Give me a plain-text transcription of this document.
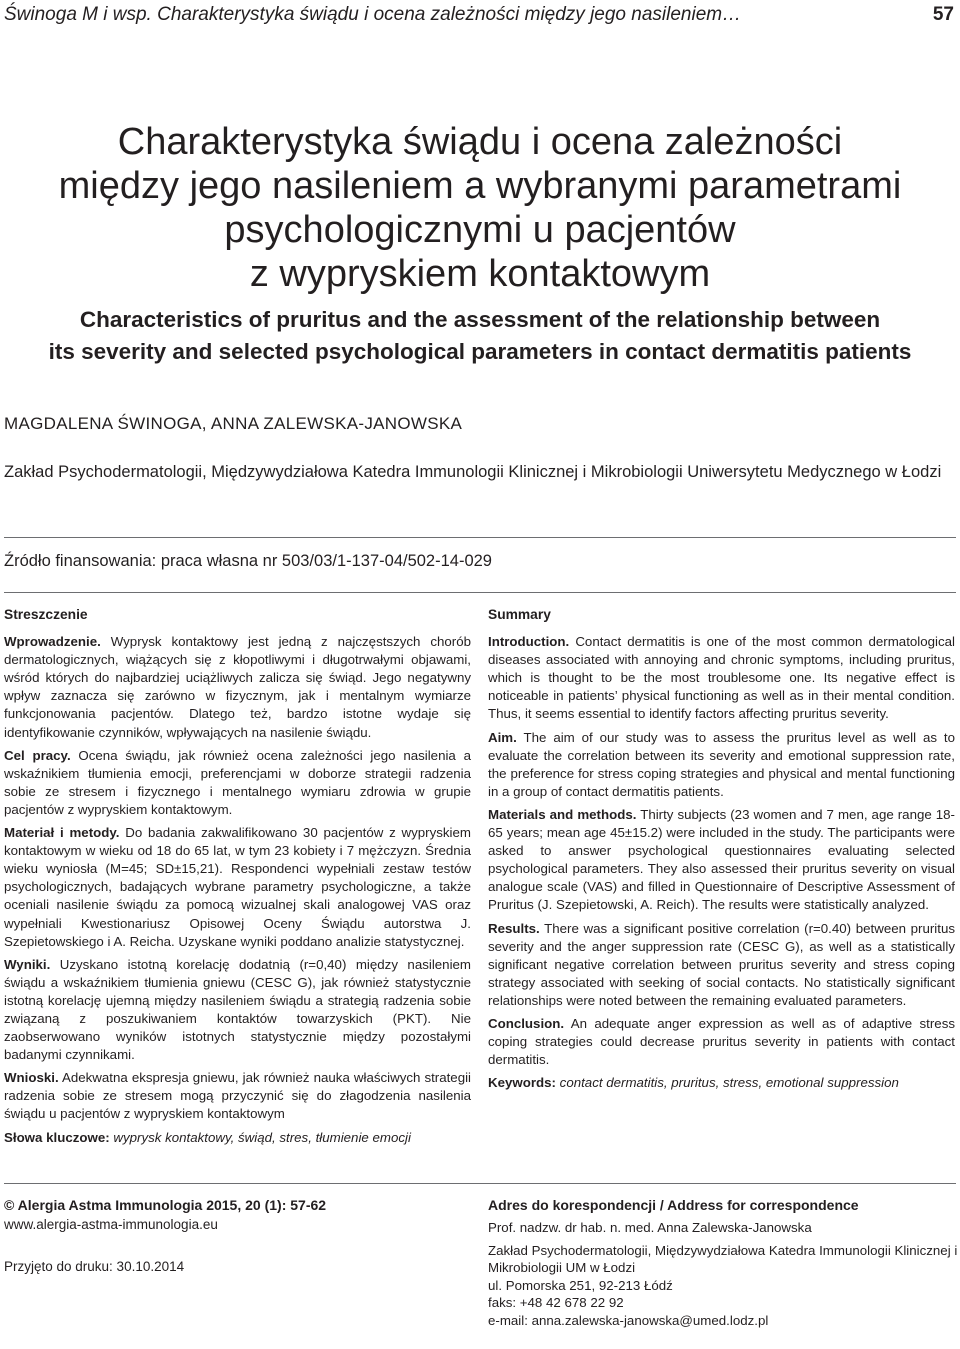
Świnoga M i wsp. Charakterystyka świądu i ocena zależności między jego nasileniem…	57
Charakterystyka świądu i ocena zależności
między jego nasileniem a wybranymi parametrami
psychologicznymi u pacjentów
z wypryskiem kontaktowym
Characteristics of pruritus and the assessment of the relationship between
its severity and selected psychological parameters in contact dermatitis patients
MAGDALENA ŚWINOGA, ANNA ZALEWSKA-JANOWSKA
Zakład Psychodermatologii, Międzywydziałowa Katedra Immunologii Klinicznej i Mikrobiologii Uniwersytetu Medycznego w Łodzi
Źródło finansowania: praca własna nr 503/03/1-137-04/502-14-029
Streszczenie

Wprowadzenie. Wyprysk kontaktowy jest jedną z najczęstszych chorób dermatologicznych, wiążących się z kłopotliwymi i długotrwałymi objawami, wśród których do najbardziej uciążliwych zalicza się świąd. Jego negatywny wpływ zaznacza się zarówno w fizycznym, jak i mentalnym wymiarze funkcjonowania pacjentów. Dlatego też, bardzo istotne wydaje się identyfikowanie czynników, wpływających na nasilenie świądu.

Cel pracy. Ocena świądu, jak również ocena zależności jego nasilenia a wskaźnikiem tłumienia emocji, preferencjami w doborze strategii radzenia sobie ze stresem i fizycznego i mentalnego wymiaru zdrowia w grupie pacjentów z wypryskiem kontaktowym.

Materiał i metody. Do badania zakwalifikowano 30 pacjentów z wypryskiem kontaktowym w wieku od 18 do 65 lat, w tym 23 kobiety i 7 mężczyzn. Średnia wieku wyniosła (M=45; SD±15,21). Respondenci wypełniali zestaw testów psychologicznych, badających wybrane parametry psychologiczne, a także oceniali nasilenie świądu za pomocą wizualnej skali analogowej VAS oraz wypełniali Kwestionariusz Opisowej Oceny Świądu autorstwa J. Szepietowskiego i A. Reicha. Uzyskane wyniki poddano analizie statystycznej.

Wyniki. Uzyskano istotną korelację dodatnią (r=0,40) między nasileniem świądu a wskaźnikiem tłumienia gniewu (CESC G), jak również statystycznie istotną korelację ujemną między nasileniem świądu a strategią radzenia sobie związaną z poszukiwaniem kontaktów towarzyskich (PKT). Nie zaobserwowano wyników istotnych statystycznie między pozostałymi badanymi czynnikami.

Wnioski. Adekwatna ekspresja gniewu, jak również nauka właściwych strategii radzenia sobie ze stresem mogą przyczynić się do złagodzenia nasilenia świądu u pacjentów z wypryskiem kontaktowym

Słowa kluczowe: wyprysk kontaktowy, świąd, stres, tłumienie emocji

Summary

Introduction. Contact dermatitis is one of the most common dermatological diseases associated with annoying and chronic symptoms, including pruritus, which is thought to be the most troublesome one. Its negative effect is noticeable in patients’ physical functioning as well as in their mental condition. Thus, it seems essential to identify factors affecting pruritus severity.

Aim. The aim of our study was to assess the pruritus level as well as to evaluate the correlation between its severity and emotional suppression rate, the preference for stress coping strategies and physical and mental functioning in a group of contact dermatitis patients.

Materials and methods. Thirty subjects (23 women and 7 men, age range 18-65 years; mean age 45±15.2) were included in the study. The participants were asked to answer psychological questionnaires evaluating selected psychological parameters. They also assessed their pruritus severity on visual analogue scale (VAS) and filled in Questionnaire of Descriptive Assessment of Pruritus (J. Szepietowski, A. Reich). The results were statistically analyzed.

Results. There was a significant positive correlation (r=0.40) between pruritus severity and the anger suppression rate (CESC G), as well as a statistically significant negative correlation between pruritus severity and stress coping strategy associated with seeking of social contacts. No statistically significant relationships were noted between the remaining evaluated parameters.

Conclusion. An adequate anger expression as well as of adaptive stress coping strategies could decrease pruritus severity in patients with contact dermatitis.

Keywords: contact dermatitis, pruritus, stress, emotional suppression

© Alergia Astma Immunologia 2015, 20 (1): 57-62
www.alergia-astma-immunologia.eu
Przyjęto do druku: 30.10.2014
Adres do korespondencji / Address for correspondence
Prof. nadzw. dr hab. n. med. Anna Zalewska-Janowska
Zakład Psychodermatologii, Międzywydziałowa Katedra Immunologii Klinicznej i Mikrobiologii UM w Łodzi
ul. Pomorska 251, 92-213 Łódź
faks: +48 42 678 22 92
e-mail: anna.zalewska-janowska@umed.lodz.pl
